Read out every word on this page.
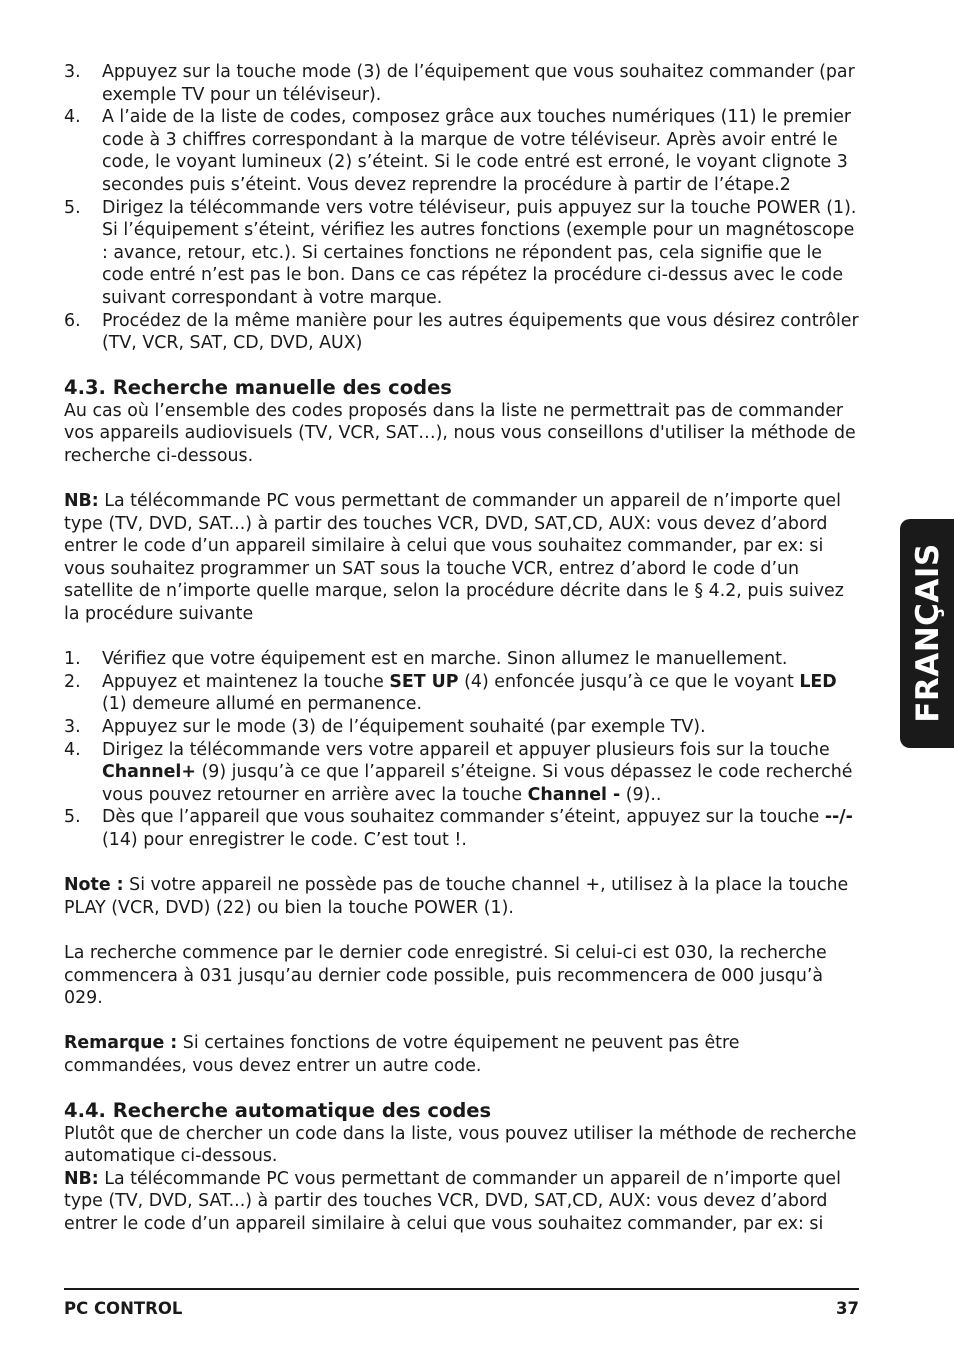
3.	Appuyez sur la touche mode (3) de l’équipement que vous souhaitez commander (par exemple TV pour un téléviseur).
4.	A l’aide de la liste de codes, composez grâce aux touches numériques (11) le premier code à 3 chiffres correspondant à la marque de votre téléviseur. Après avoir entré le code, le voyant lumineux (2) s’éteint. Si le code entré est erroné, le voyant clignote 3 secondes puis s’éteint. Vous devez reprendre la procédure à partir de l’étape.2
5.	Dirigez la télécommande vers votre téléviseur, puis appuyez sur la touche POWER (1). Si l’équipement s’éteint, vérifiez les autres fonctions (exemple pour un magnétoscope : avance, retour, etc.). Si certaines fonctions ne répondent pas, cela signifie que le code entré n’est pas le bon. Dans ce cas répétez la procédure ci-dessus avec le code suivant correspondant à votre marque.
6.	Procédez de la même manière pour les autres équipements que vous désirez contrôler (TV, VCR, SAT, CD, DVD, AUX)
4.3. Recherche manuelle des codes

Au cas où l’ensemble des codes proposés dans la liste ne permettrait pas de commander vos appareils audiovisuels (TV, VCR, SAT…), nous vous conseillons d'utiliser la méthode de recherche ci-dessous.

NB: La télécommande PC vous permettant de commander un appareil de n’importe quel type (TV, DVD, SAT...) à partir des touches VCR, DVD, SAT,CD, AUX: vous devez d’abord entrer le code d’un appareil similaire à celui que vous souhaitez commander, par ex: si vous souhaitez programmer un SAT sous la touche VCR, entrez d’abord le code d’un satellite de n’importe quelle marque, selon la procédure décrite dans le § 4.2, puis suivez la procédure suivante

1.	Vérifiez que votre équipement est en marche. Sinon allumez le manuellement.
2.	Appuyez et maintenez la touche SET UP (4) enfoncée jusqu’à ce que le voyant LED (1) demeure allumé en permanence.
3.	Appuyez sur le mode (3) de l’équipement souhaité (par exemple TV).
4.	Dirigez la télécommande vers votre appareil et appuyer plusieurs fois sur la touche Channel+ (9) jusqu’à ce que l’appareil s’éteigne. Si vous dépassez le code recherché vous pouvez retourner en arrière avec la touche Channel - (9)..
5.	Dès que l’appareil que vous souhaitez commander s’éteint, appuyez sur la touche --/- (14) pour enregistrer le code. C’est tout !.

Note : Si votre appareil ne possède pas de touche channel +, utilisez à la place la touche PLAY (VCR, DVD) (22) ou bien la touche POWER (1).

La recherche commence par le dernier code enregistré. Si celui-ci est 030, la recherche commencera à 031 jusqu’au dernier code possible, puis recommencera de 000 jusqu’à 029.

Remarque : Si certaines fonctions de votre équipement ne peuvent pas être commandées, vous devez entrer un autre code.

4.4. Recherche automatique des codes

Plutôt que de chercher un code dans la liste, vous pouvez utiliser la méthode de recherche automatique ci-dessous.

NB: La télécommande PC vous permettant de commander un appareil de n’importe quel type (TV, DVD, SAT...) à partir des touches VCR, DVD, SAT,CD, AUX: vous devez d’abord entrer le code d’un appareil similaire à celui que vous souhaitez commander, par ex: si

FRANÇAIS
PC CONTROL	37
